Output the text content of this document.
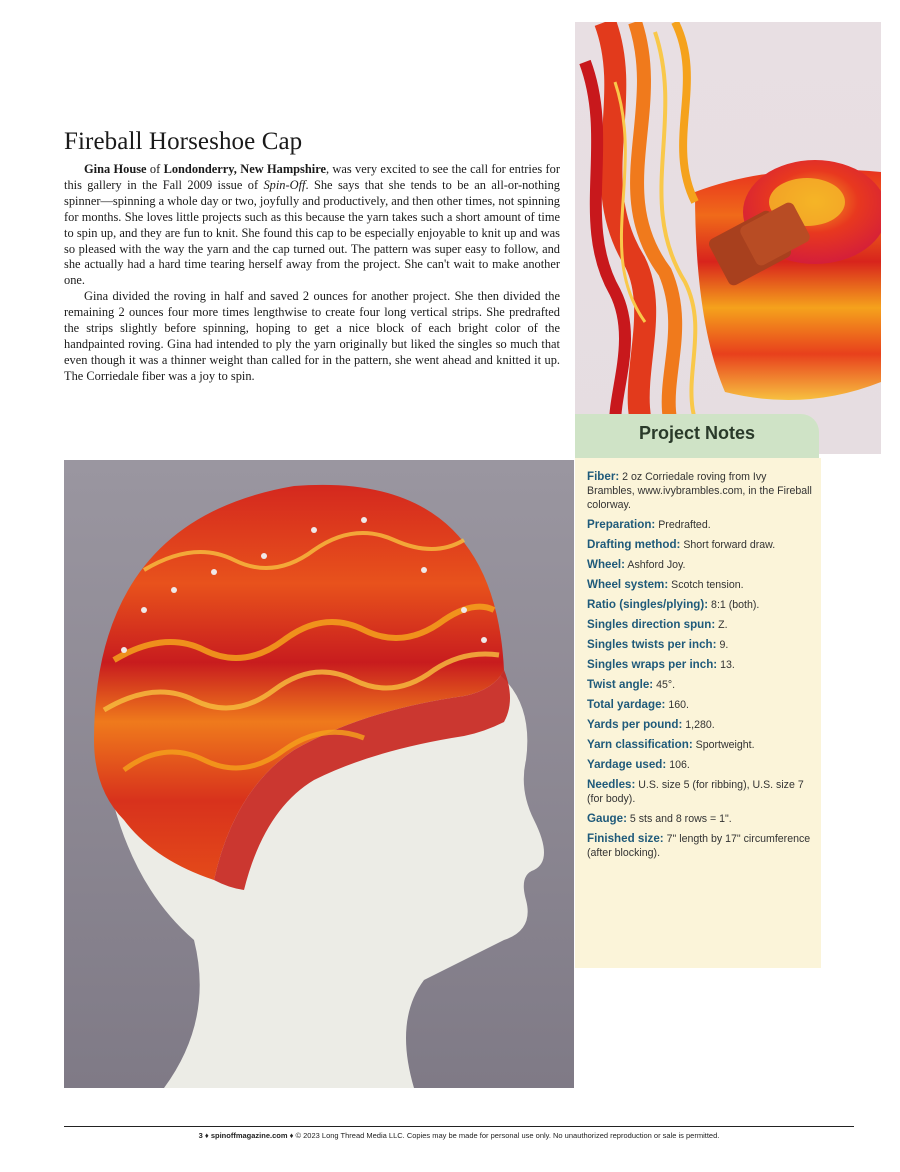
Fireball Horseshoe Cap

Gina House of Londonderry, New Hampshire, was very excited to see the call for entries for this gallery in the Fall 2009 issue of Spin-Off. She says that she tends to be an all-or-nothing spinner—spinning a whole day or two, joyfully and productively, and then other times, not spinning for months. She loves little projects such as this because the yarn takes such a short amount of time to spin up, and they are fun to knit. She found this cap to be especially enjoyable to knit up and was so pleased with the way the yarn and the cap turned out. The pattern was super easy to follow, and she actually had a hard time tearing herself away from the project. She can't wait to make another one.

Gina divided the roving in half and saved 2 ounces for another project. She then divided the remaining 2 ounces four more times lengthwise to create four long vertical strips. She predrafted the strips slightly before spinning, hoping to get a nice block of each bright color of the handpainted roving. Gina had intended to ply the yarn originally but liked the singles so much that even though it was a thinner weight than called for in the pattern, she went ahead and knitted it up. The Corriedale fiber was a joy to spin.

Project Notes

Fiber: 2 oz Corriedale roving from Ivy Brambles, www.ivybrambles.com, in the Fireball colorway.

Preparation: Predrafted.

Drafting method: Short forward draw.

Wheel: Ashford Joy.

Wheel system: Scotch tension.

Ratio (singles/plying): 8:1 (both).

Singles direction spun: Z.

Singles twists per inch: 9.

Singles wraps per inch: 13.

Twist angle: 45°.

Total yardage: 160.

Yards per pound: 1,280.

Yarn classification: Sportweight.

Yardage used: 106.

Needles: U.S. size 5 (for ribbing), U.S. size 7 (for body).

Gauge: 5 sts and 8 rows = 1".

Finished size: 7" length by 17" circumference (after blocking).

3 ♦ spinoffmagazine.com ♦ © 2023 Long Thread Media LLC. Copies may be made for personal use only. No unauthorized reproduction or sale is permitted.
